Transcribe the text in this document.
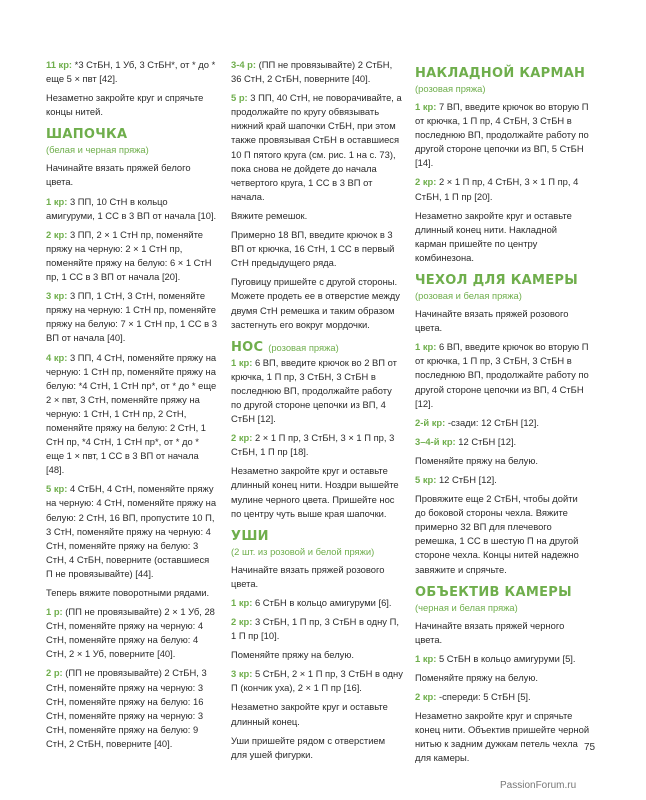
11 кр: *3 СтБН, 1 Уб, 3 СтБН*, от * до * еще 5 × пвт [42].

Незаметно закройте круг и спрячьте концы нитей.

ШАПОЧКА
(белая и черная пряжа)

Начинайте вязать пряжей белого цвета.

1 кр: 3 ПП, 10 СтН в кольцо амигуруми, 1 СС в 3 ВП от начала [10].

2 кр: 3 ПП, 2 × 1 СтН пр, поменяйте пряжу на черную: 2 × 1 СтН пр, поменяйте пряжу на белую: 6 × 1 СтН пр, 1 СС в 3 ВП от начала [20].

3 кр: 3 ПП, 1 СтН, 3 СтН, поменяйте пряжу на черную: 1 СтН пр, поменяйте пряжу на белую: 7 × 1 СтН пр, 1 СС в 3 ВП от начала [40].

4 кр: 3 ПП, 4 СтН, поменяйте пряжу на черную: 1 СтН пр, поменяйте пряжу на белую: *4 СтН, 1 СтН пр*, от * до * еще 2 × пвт, 3 СтН, поменяйте пряжу на черную: 1 СтН, 1 СтН пр, 2 СтН, поменяйте пряжу на белую: 2 СтН, 1 СтН пр, *4 СтН, 1 СтН пр*, от * до * еще 1 × пвт, 1 СС в 3 ВП от начала [48].

5 кр: 4 СтБН, 4 СтН, поменяйте пряжу на черную: 4 СтН, поменяйте пряжу на белую: 2 СтН, 16 ВП, пропустите 10 П, 3 СтН, поменяйте пряжу на черную: 4 СтН, поменяйте пряжу на белую: 3 СтН, 4 СтБН, поверните (оставшиеся П не провязывайте) [44].

Теперь вяжите поворотными рядами.

1 р: (ПП не провязывайте) 2 × 1 Уб, 28 СтН, поменяйте пряжу на черную: 4 СтН, поменяйте пряжу на белую: 4 СтН, 2 × 1 Уб, поверните [40].

2 р: (ПП не провязывайте) 2 СтБН, 3 СтН, поменяйте пряжу на черную: 3 СтН, поменяйте пряжу на белую: 16 СтН, поменяйте пряжу на черную: 3 СтН, поменяйте пряжу на белую: 9 СтН, 2 СтБН, поверните [40].

3-4 р: (ПП не провязывайте) 2 СтБН, 36 СтН, 2 СтБН, поверните [40].

5 р: 3 ПП, 40 СтН, не поворачивайте, а продолжайте по кругу обвязывать нижний край шапочки СтБН, при этом также провязывая СтБН в оставшиеся 10 П пятого круга (см. рис. 1 на с. 73), пока снова не дойдете до начала четвертого круга, 1 СС в 3 ВП от начала.

Вяжите ремешок.

Примерно 18 ВП, введите крючок в 3 ВП от крючка, 16 СтН, 1 СС в первый СтН предыдущего ряда.

Пуговицу пришейте с другой стороны. Можете продеть ее в отверстие между двумя СтН ремешка и таким образом застегнуть его вокруг мордочки.

НОС (розовая пряжа)

1 кр: 6 ВП, введите крючок во 2 ВП от крючка, 1 П пр, 3 СтБН, 3 СтБН в последнюю ВП, продолжайте работу по другой стороне цепочки из ВП, 4 СтБН [12].

2 кр: 2 × 1 П пр, 3 СтБН, 3 × 1 П пр, 3 СтБН, 1 П пр [18].

Незаметно закройте круг и оставьте длинный конец нити. Ноздри вышейте мулине черного цвета. Пришейте нос по центру чуть выше края шапочки.

УШИ
(2 шт. из розовой и белой пряжи)

Начинайте вязать пряжей розового цвета.

1 кр: 6 СтБН в кольцо амигуруми [6].

2 кр: 3 СтБН, 1 П пр, 3 СтБН в одну П, 1 П пр [10].

Поменяйте пряжу на белую.

3 кр: 5 СтБН, 2 × 1 П пр, 3 СтБН в одну П (кончик уха), 2 × 1 П пр [16].

Незаметно закройте круг и оставьте длинный конец.

Уши пришейте рядом с отверстием для ушей фигурки.

НАКЛАДНОЙ КАРМАН
(розовая пряжа)

1 кр: 7 ВП, введите крючок во вторую П от крючка, 1 П пр, 4 СтБН, 3 СтБН в последнюю ВП, продолжайте работу по другой стороне цепочки из ВП, 5 СтБН [14].

2 кр: 2 × 1 П пр, 4 СтБН, 3 × 1 П пр, 4 СтБН, 1 П пр [20].

Незаметно закройте круг и оставьте длинный конец нити. Накладной карман пришейте по центру комбинезона.

ЧЕХОЛ ДЛЯ КАМЕРЫ
(розовая и белая пряжа)

Начинайте вязать пряжей розового цвета.

1 кр: 6 ВП, введите крючок во вторую П от крючка, 1 П пр, 3 СтБН, 3 СтБН в последнюю ВП, продолжайте работу по другой стороне цепочки из ВП, 4 СтБН [12].

2-й кр: -сзади: 12 СтБН [12].

3–4-й кр: 12 СтБН [12].

Поменяйте пряжу на белую.

5 кр: 12 СтБН [12].

Провяжите еще 2 СтБН, чтобы дойти до боковой стороны чехла. Вяжите примерно 32 ВП для плечевого ремешка, 1 СС в шестую П на другой стороне чехла. Концы нитей надежно завяжите и спрячьте.

ОБЪЕКТИВ КАМЕРЫ
(черная и белая пряжа)

Начинайте вязать пряжей черного цвета.

1 кр: 5 СтБН в кольцо амигуруми [5].

Поменяйте пряжу на белую.

2 кр: -спереди: 5 СтБН [5].

Незаметно закройте круг и спрячьте конец нити. Объектив пришейте черной нитью к задним дужкам петель чехла для камеры.

75
PassionForum.ru
